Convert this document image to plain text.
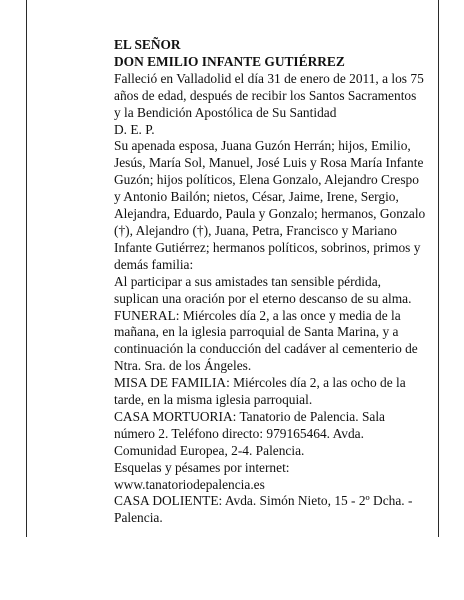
EL SEÑOR

DON EMILIO INFANTE GUTIÉRREZ

Falleció en Valladolid el día 31 de enero de 2011, a los 75 años de edad, después de recibir los Santos Sacramentos y la Bendición Apostólica de Su Santidad

D. E. P.

Su apenada esposa, Juana Guzón Herrán; hijos, Emilio, Jesús, María Sol, Manuel, José Luis y Rosa María Infante Guzón; hijos políticos, Elena Gonzalo, Alejandro Crespo y Antonio Bailón; nietos, César, Jaime, Irene, Sergio, Alejandra, Eduardo, Paula y Gonzalo; hermanos, Gonzalo (†), Alejandro (†), Juana, Petra, Francisco y Mariano Infante Gutiérrez; hermanos políticos, sobrinos, primos y demás familia:

Al participar a sus amistades tan sensible pérdida, suplican una oración por el eterno descanso de su alma.

FUNERAL: Miércoles día 2, a las once y media de la mañana, en la iglesia parroquial de Santa Marina, y a continuación la conducción del cadáver al cementerio de Ntra. Sra. de los Ángeles.

MISA DE FAMILIA: Miércoles día 2, a las ocho de la tarde, en la misma iglesia parroquial.

CASA MORTUORIA: Tanatorio de Palencia. Sala número 2. Teléfono directo: 979165464. Avda. Comunidad Europea, 2-4. Palencia.

Esquelas y pésames por internet:

www.tanatoriodepalencia.es

CASA DOLIENTE: Avda. Simón Nieto, 15 - 2º Dcha. - Palencia.
